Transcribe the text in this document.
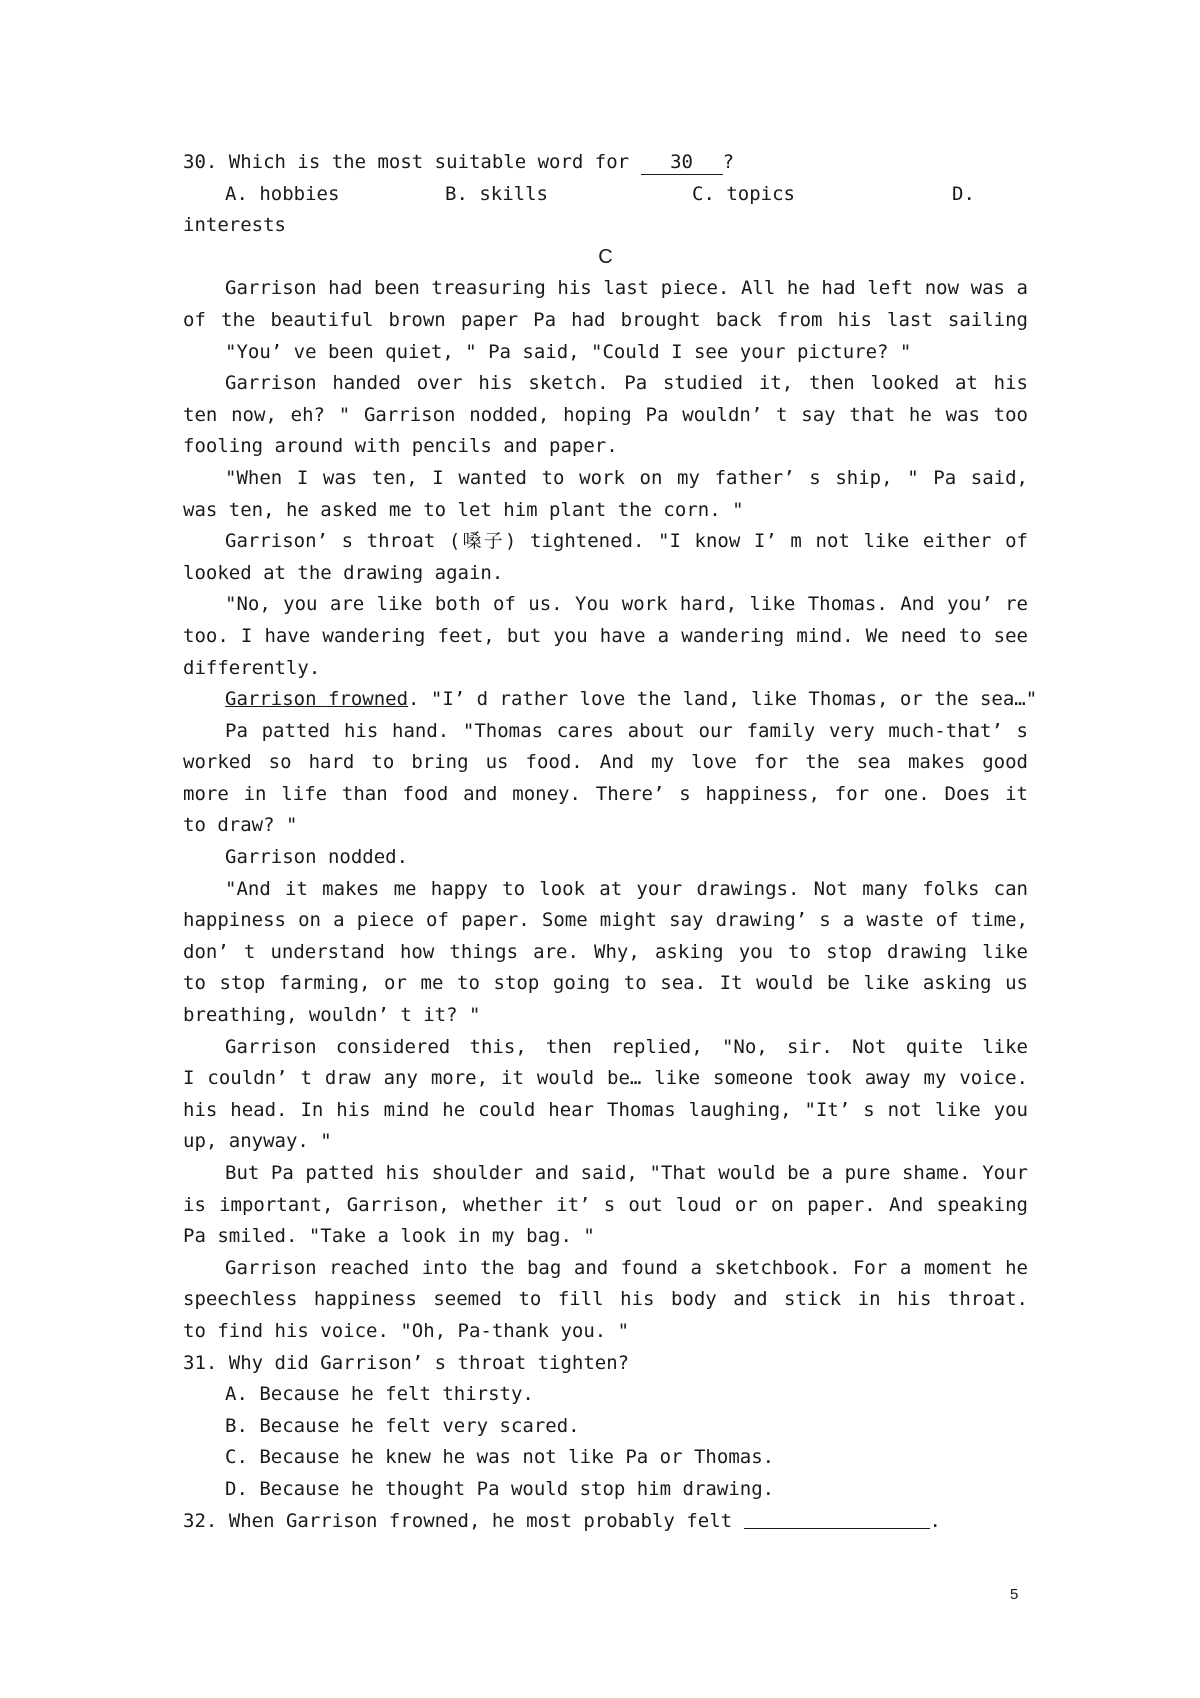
30. Which is the most suitable word for 30 ?
A. hobbies	B. skills	C. topics	D.
interests
C
Garrison had been treasuring his last piece. All he had left now was a
of the beautiful brown paper Pa had brought back from his last sailing
"You’ ve been quiet, " Pa said, "Could I see your picture? "
Garrison handed over his sketch. Pa studied it, then looked at his
ten now, eh? " Garrison nodded, hoping Pa wouldn’ t say that he was too
fooling around with pencils and paper.
"When I was ten, I wanted to work on my father’ s ship, " Pa said,
was ten, he asked me to let him plant the corn. "
Garrison’ s throat (嗓子) tightened. "I know I’ m not like either of
looked at the drawing again.
"No, you are like both of us. You work hard, like Thomas. And you’ re
too. I have wandering feet, but you have a wandering mind. We need to see
differently.
Garrison frowned. "I’ d rather love the land, like Thomas, or the sea…"
Pa patted his hand. "Thomas cares about our family very much-that’ s
worked so hard to bring us food. And my love for the sea makes good
more in life than food and money. There’ s happiness, for one. Does it
to draw? "
Garrison nodded.
"And it makes me happy to look at your drawings. Not many folks can
happiness on a piece of paper. Some might say drawing’ s a waste of time,
don’ t understand how things are. Why, asking you to stop drawing like
to stop farming, or me to stop going to sea. It would be like asking us
breathing, wouldn’ t it? "
Garrison considered this, then replied, "No, sir. Not quite like
I couldn’ t draw any more, it would be… like someone took away my voice.
his head. In his mind he could hear Thomas laughing, "It’ s not like you
up, anyway. "
But Pa patted his shoulder and said, "That would be a pure shame. Your
is important, Garrison, whether it’ s out loud or on paper. And speaking
Pa smiled. "Take a look in my bag. "
Garrison reached into the bag and found a sketchbook. For a moment he
speechless happiness seemed to fill his body and stick in his throat.
to find his voice. "Oh, Pa-thank you. "
31. Why did Garrison’ s throat tighten?
A. Because he felt thirsty.
B. Because he felt very scared.
C. Because he knew he was not like Pa or Thomas.
D. Because he thought Pa would stop him drawing.
32. When Garrison frowned, he most probably felt	.
5
